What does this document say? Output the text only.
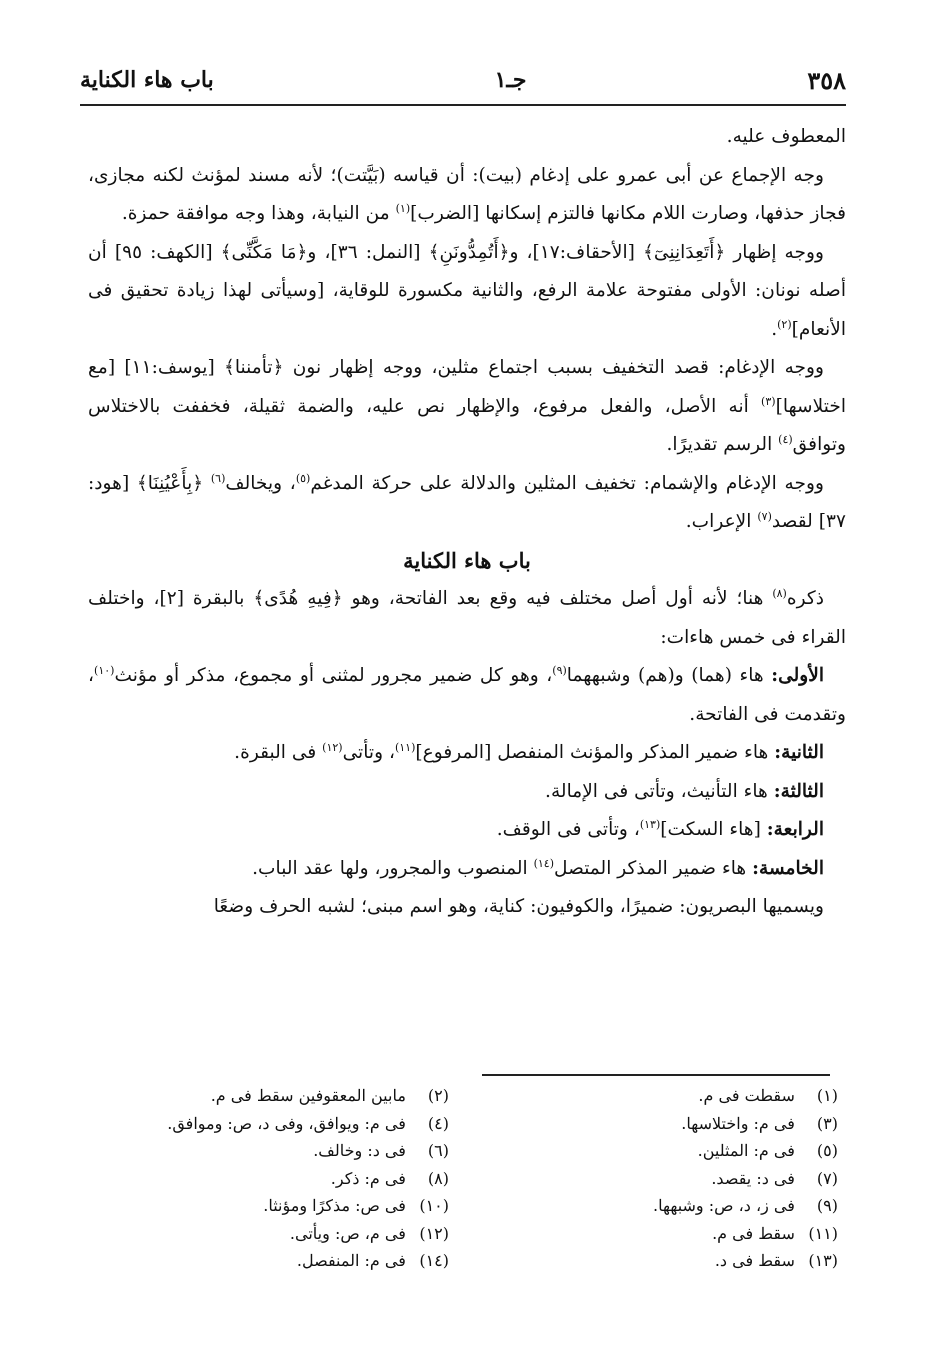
٣٥٨
جـ١
باب هاء الكناية

المعطوف عليه.

وجه الإجماع عن أبى عمرو على إدغام (بيت): أن قياسه (بَيَّتت)؛ لأنه مسند لمؤنث لكنه مجازى، فجاز حذفها، وصارت اللام مكانها فالتزم إسكانها [الضرب]$^{(١)}$ من النيابة، وهذا وجه موافقة حمزة.

ووجه إظهار ﴿أَتَعِدَانِنِىٓ﴾ [الأحقاف:١٧]، و﴿أَتُمِدُّونَنِ﴾ [النمل: ٣٦]، و﴿مَا مَكَّنِّى﴾ [الكهف: ٩٥] أن أصله نونان: الأولى مفتوحة علامة الرفع، والثانية مكسورة للوقاية، [وسيأتى لهذا زيادة تحقيق فى الأنعام]$^{(٢)}$.

ووجه الإدغام: قصد التخفيف بسبب اجتماع مثلين، ووجه إظهار نون ﴿تأمننا﴾ [يوسف:١١] [مع اختلاسها]$^{(٣)}$ أنه الأصل، والفعل مرفوع، والإظهار نص عليه، والضمة ثقيلة، فخففت بالاختلاس وتوافق$^{(٤)}$ الرسم تقديرًا.

ووجه الإدغام والإشمام: تخفيف المثلين والدلالة على حركة المدغم$^{(٥)}$، ويخالف$^{(٦)}$ ﴿بِأَعْيُنِنَا﴾ [هود: ٣٧] لقصد$^{(٧)}$ الإعراب.

باب هاء الكناية

ذكره$^{(٨)}$ هنا؛ لأنه أول أصل مختلف فيه وقع بعد الفاتحة، وهو ﴿فِيهِ هُدًى﴾ بالبقرة [٢]، واختلف القراء فى خمس هاءات:

الأولى: هاء (هما) و(هم) وشبههما$^{(٩)}$، وهو كل ضمير مجرور لمثنى أو مجموع، مذكر أو مؤنث$^{(١٠)}$، وتقدمت فى الفاتحة.

الثانية: هاء ضمير المذكر والمؤنث المنفصل [المرفوع]$^{(١١)}$، وتأتى$^{(١٢)}$ فى البقرة.

الثالثة: هاء التأنيث، وتأتى فى الإمالة.

الرابعة: [هاء السكت]$^{(١٣)}$، وتأتى فى الوقف.

الخامسة: هاء ضمير المذكر المتصل$^{(١٤)}$ المنصوب والمجرور، ولها عقد الباب.

ويسميها البصريون: ضميرًا، والكوفيون: كناية، وهو اسم مبنى؛ لشبه الحرف وضعًا

(١) سقطت فى م.
(٣) فى م: واختلاسها.
(٥) فى م: المثلين.
(٧) فى د: يقصد.
(٩) فى ز، د، ص: وشبهها.
(١١) سقط فى م.
(١٣) سقط فى د.
(٢) مابين المعقوفين سقط فى م.
(٤) فى م: ويوافق، وفى د، ص: وموافق.
(٦) فى د: وخالف.
(٨) فى م: ذكر.
(١٠) فى ص: مذكرًا ومؤنثا.
(١٢) فى م، ص: ويأتى.
(١٤) فى م: المنفصل.
